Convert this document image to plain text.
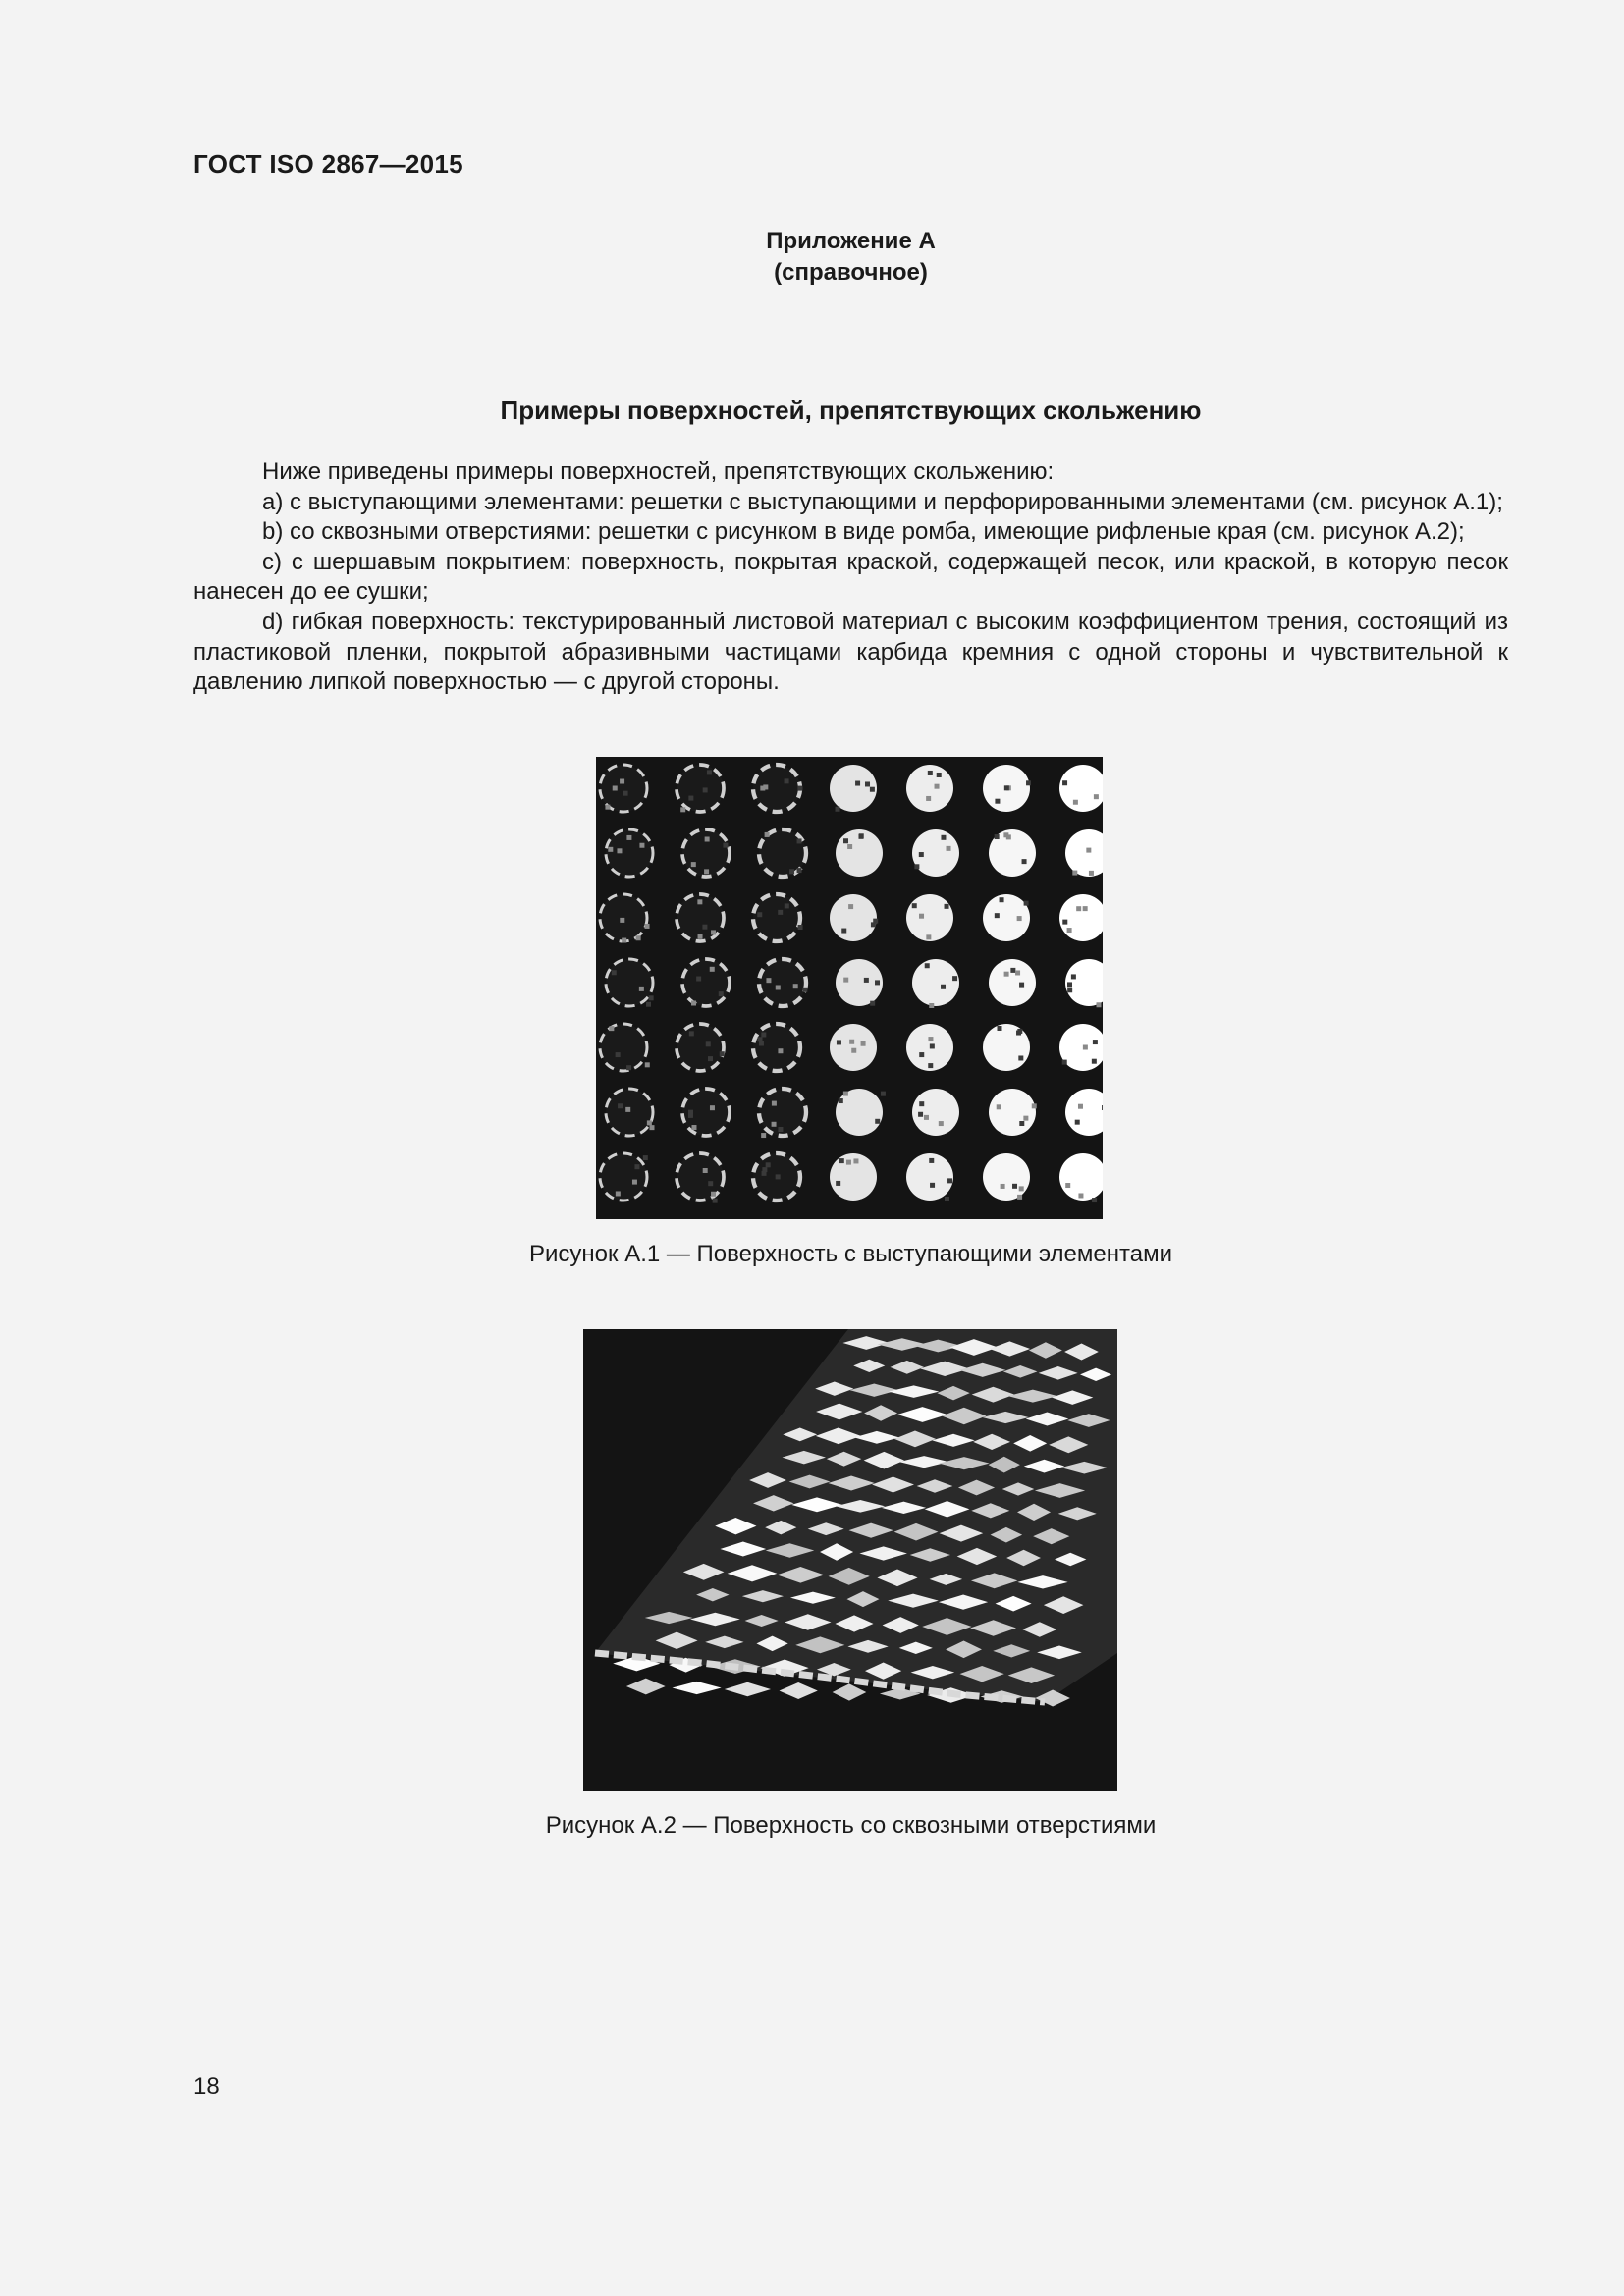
ГОСТ ISO 2867—2015
Приложение А
(справочное)
Примеры поверхностей, препятствующих скольжению

Ниже приведены примеры поверхностей, препятствующих скольжению:

a) с выступающими элементами: решетки с выступающими и перфорированными элементами (см. рисунок А.1);

b) со сквозными отверстиями: решетки с рисунком в виде ромба, имеющие рифленые края (см. рисунок А.2);

c) с шершавым покрытием: поверхность, покрытая краской, содержащей песок, или краской, в которую песок нанесен до ее сушки;

d) гибкая поверхность: текстурированный листовой материал с высоким коэффициентом трения, состоящий из пластиковой пленки, покрытой абразивными частицами карбида кремния с одной стороны и чувствительной к давлению липкой поверхностью — с другой стороны.

Рисунок А.1 — Поверхность с выступающими элементами
Рисунок А.2 — Поверхность со сквозными отверстиями
18
